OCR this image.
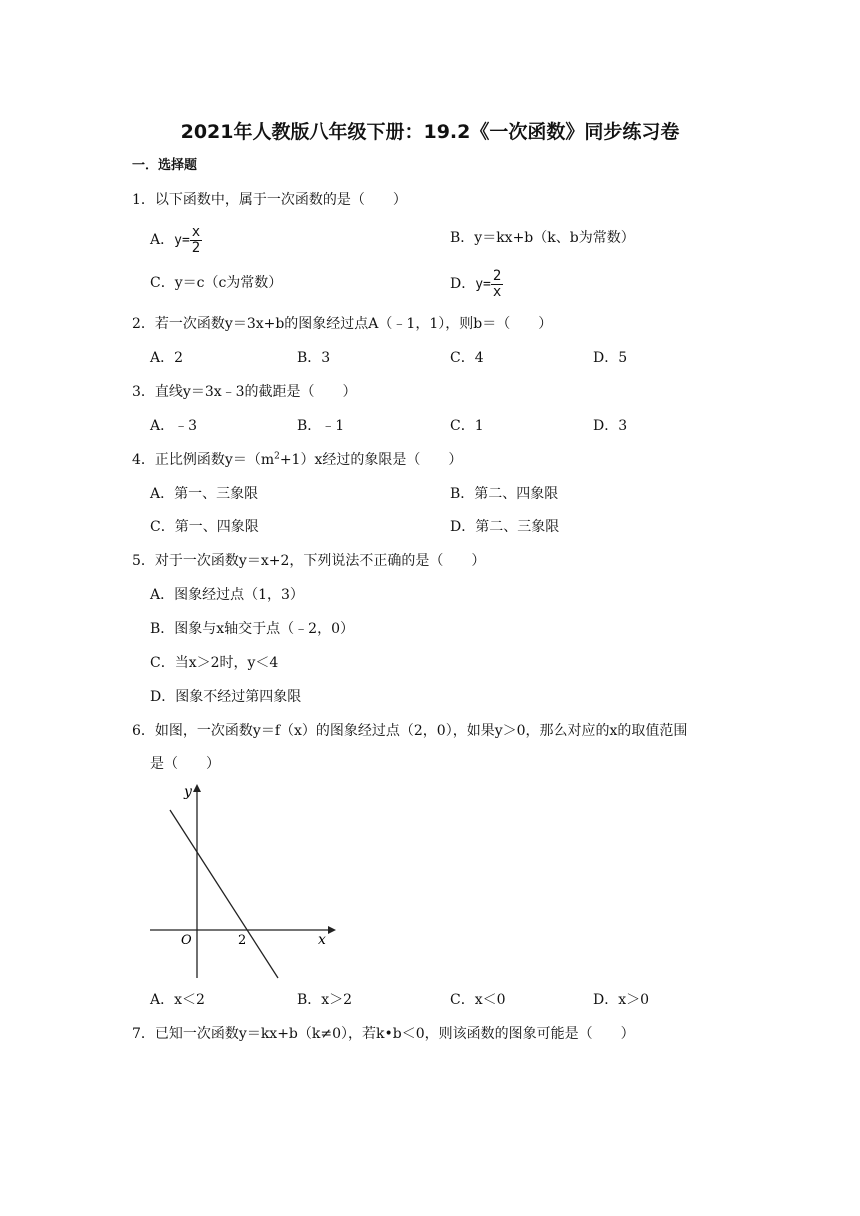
2021年人教版八年级下册：19.2《一次函数》同步练习卷
一．选择题
1．以下函数中，属于一次函数的是（　　）
A．$y= \frac{x}{2}$	B．y＝kx+b（k、b为常数）
C．y＝c（c为常数）	D．$y= \frac{2}{x}$
2．若一次函数y＝3x+b的图象经过点A（﹣1，1），则b＝（　　）
A．2	B．3	C．4	D．5
3．直线y＝3x﹣3的截距是（　　）
A．﹣3	B．﹣1	C．1	D．3
4．正比例函数$y=(m^2+1)x$经过的象限是（　　）
A．第一、三象限	B．第二、四象限
C．第一、四象限	D．第二、三象限
5．对于一次函数y＝x+2，下列说法不正确的是（　　）
A．图象经过点（1，3）
B．图象与x轴交于点（﹣2，0）
C．当x＞2时，y＜4
D．图象不经过第四象限
6．如图，一次函数y＝f（x）的图象经过点（2，0），如果y＞0，那么对应的x的取值范围
是（　　）
y
x
O	2
A．x＜2	B．x＞2	C．x＜0	D．x＞0
7．已知一次函数y＝kx+b（k≠0），若k•b＜0，则该函数的图象可能是（　　）
